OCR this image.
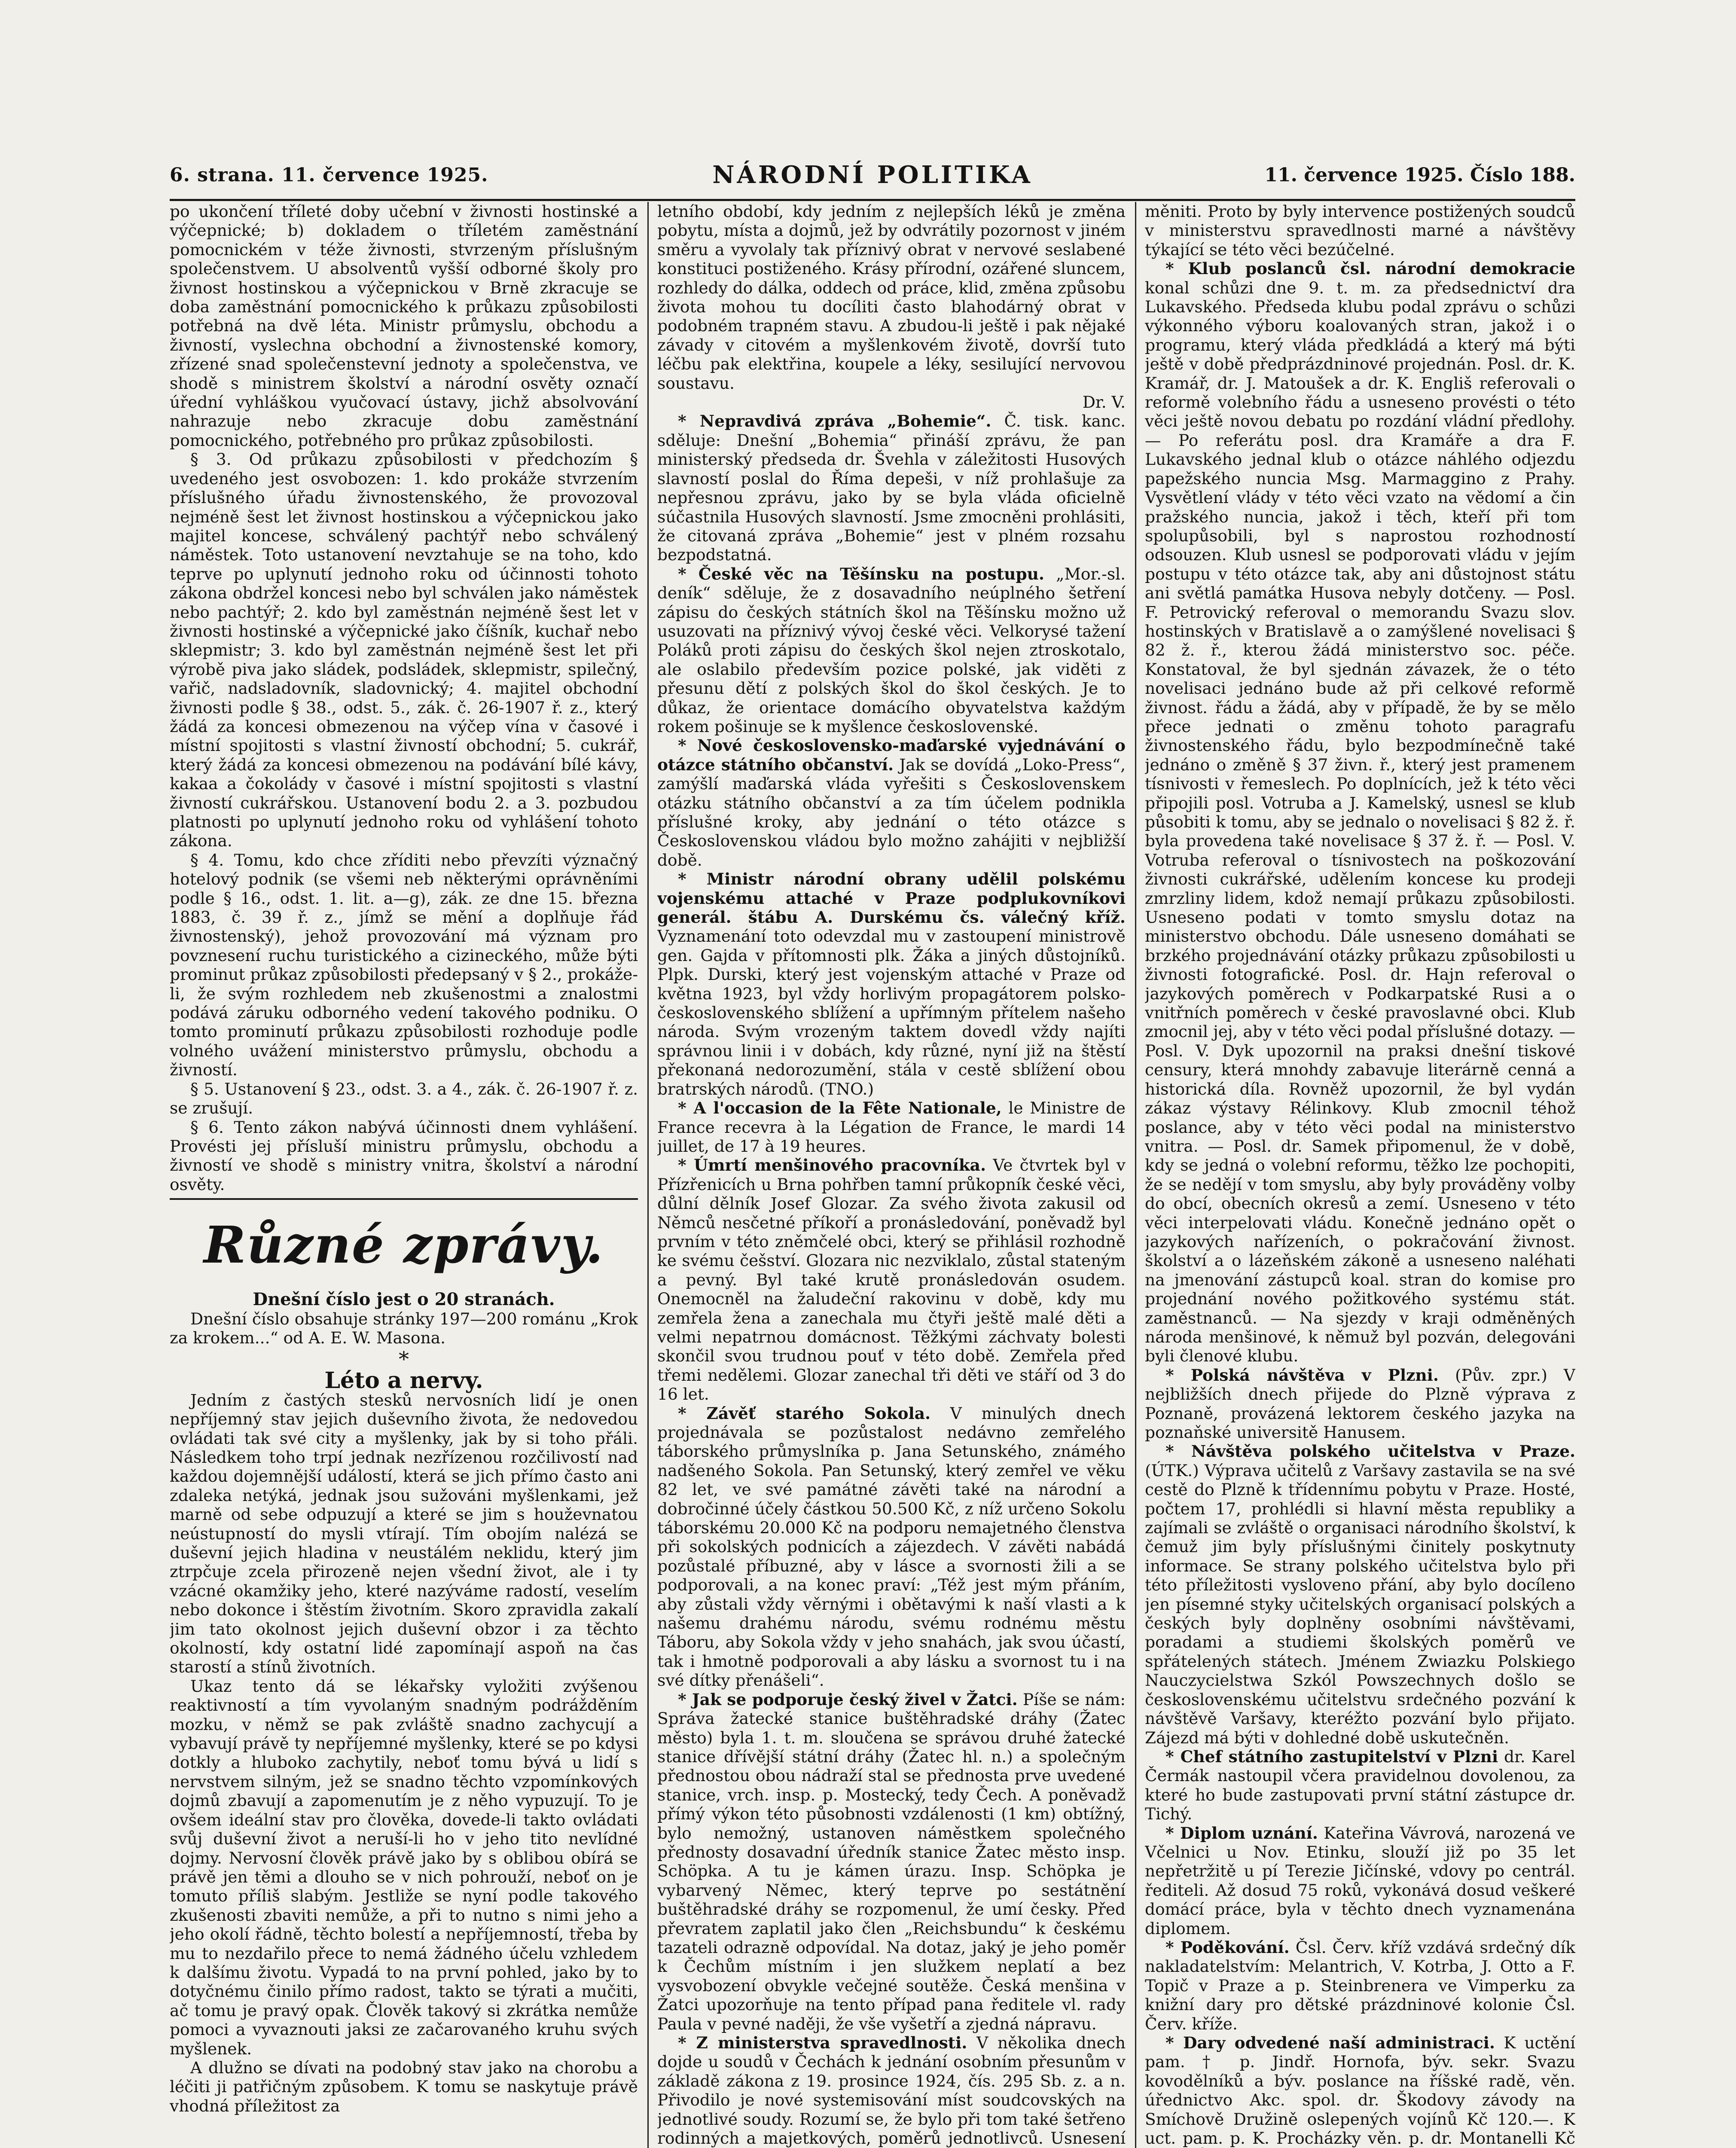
6. strana. 11. července 1925.	NÁRODNÍ POLITIKA	11. července 1925. Číslo 188.

po ukončení tříleté doby učební v živnosti hostinské a výčepnické; b) dokladem o tříletém zaměstnání pomocnickém v téže živnosti, stvrzeným příslušným společenstvem. U absolventů vyšší odborné školy pro živnost hostinskou a výčepnickou v Brně zkracuje se doba zaměstnání pomocnického k průkazu způsobilosti potřebná na dvě léta. Ministr průmyslu, obchodu a živností, vyslechna obchodní a živnostenské komory, zřízené snad společenstevní jednoty a společenstva, ve shodě s ministrem školství a národní osvěty označí úřední vyhláškou vyučovací ústavy, jichž absolvování nahrazuje nebo zkracuje dobu zaměstnání pomocnického, potřebného pro průkaz způsobilosti.

§ 3. Od průkazu způsobilosti v předchozím § uvedeného jest osvobozen: 1. kdo prokáže stvrzením příslušného úřadu živnostenského, že provozoval nejméně šest let živnost hostinskou a výčepnickou jako majitel koncese, schválený pachtýř nebo schválený náměstek. Toto ustanovení nevztahuje se na toho, kdo teprve po uplynutí jednoho roku od účinnosti tohoto zákona obdržel koncesi nebo byl schválen jako náměstek nebo pachtýř; 2. kdo byl zaměstnán nejméně šest let v živnosti hostinské a výčepnické jako číšník, kuchař nebo sklepmistr; 3. kdo byl zaměstnán nejméně šest let při výrobě piva jako sládek, podsládek, sklepmistr, spilečný, vařič, nadsladovník, sladovnický; 4. majitel obchodní živnosti podle § 38., odst. 5., zák. č. 26-1907 ř. z., který žádá za koncesi obmezenou na výčep vína v časové i místní spojitosti s vlastní živností obchodní; 5. cukrář, který žádá za koncesi obmezenou na podávání bílé kávy, kakaa a čokolády v časové i místní spojitosti s vlastní živností cukrářskou. Ustanovení bodu 2. a 3. pozbudou platnosti po uplynutí jednoho roku od vyhlášení tohoto zákona.

§ 4. Tomu, kdo chce zříditi nebo převzíti význačný hotelový podnik (se všemi neb některými oprávněními podle § 16., odst. 1. lit. a—g), zák. ze dne 15. března 1883, č. 39 ř. z., jímž se mění a doplňuje řád živnostenský), jehož provozování má význam pro povznesení ruchu turistického a cizineckého, může býti prominut průkaz způsobilosti předepsaný v § 2., prokáže-li, že svým rozhledem neb zkušenostmi a znalostmi podává záruku odborného vedení takového podniku. O tomto prominutí průkazu způsobilosti rozhoduje podle volného uvážení ministerstvo průmyslu, obchodu a živností.

§ 5. Ustanovení § 23., odst. 3. a 4., zák. č. 26-1907 ř. z. se zrušují.

§ 6. Tento zákon nabývá účinnosti dnem vyhlášení. Provésti jej přísluší ministru průmyslu, obchodu a živností ve shodě s ministry vnitra, školství a národní osvěty.

Různé zprávy.

Dnešní číslo jest o 20 stranách.

Dnešní číslo obsahuje stránky 197—200 románu „Krok za krokem...“ od A. E. W. Masona.

*

Léto a nervy.

Jedním z častých stesků nervosních lidí je onen nepříjemný stav jejich duševního života, že nedovedou ovládati tak své city a myšlenky, jak by si toho přáli. Následkem toho trpí jednak nezřízenou rozčilivostí nad každou dojemnější událostí, která se jich přímo často ani zdaleka netýká, jednak jsou sužováni myšlenkami, jež marně od sebe odpuzují a které se jim s houževnatou neústupností do mysli vtírají. Tím obojím nalézá se duševní jejich hladina v neustálém neklidu, který jim ztrpčuje zcela přirozeně nejen všední život, ale i ty vzácné okamžiky jeho, které nazýváme radostí, veselím nebo dokonce i štěstím životním. Skoro zpravidla zakalí jim tato okolnost jejich duševní obzor i za těchto okolností, kdy ostatní lidé zapomínají aspoň na čas starostí a stínů životních.

Ukaz tento dá se lékařsky vyložiti zvýšenou reaktivností a tím vyvolaným snadným podrážděním mozku, v němž se pak zvláště snadno zachycují a vybavují právě ty nepříjemné myšlenky, které se po kdysi dotkly a hluboko zachytily, neboť tomu bývá u lidí s nervstvem silným, jež se snadno těchto vzpomínkových dojmů zbavují a zapomenutím je z něho vypuzují. To je ovšem ideální stav pro člověka, dovede-li takto ovládati svůj duševní život a neruší-li ho v jeho tito nevlídné dojmy. Nervosní člověk právě jako by s oblibou obírá se právě jen těmi a dlouho se v nich pohrouží, neboť on je tomuto příliš slabým. Jestliže se nyní podle takového zkušenosti zbaviti nemůže, a při to nutno s nimi jeho a jeho okolí řádně, těchto bolestí a nepříjemností, třeba by mu to nezdařilo přece to nemá žádného účelu vzhledem k dalšímu životu. Vypadá to na první pohled, jako by to dotyčnému činilo přímo radost, takto se týrati a mučiti, ač tomu je pravý opak. Člověk takový si zkrátka nemůže pomoci a vyvaznouti jaksi ze začarovaného kruhu svých myšlenek.

A dlužno se dívati na podobný stav jako na chorobu a léčiti ji patřičným způsobem. K tomu se naskytuje právě vhodná příležitost za

letního období, kdy jedním z nejlepších léků je změna pobytu, místa a dojmů, jež by odvrátily pozornost v jiném směru a vyvolaly tak příznivý obrat v nervové seslabené konstituci postiženého. Krásy přírodní, ozářené sluncem, rozhledy do dálka, oddech od práce, klid, změna způsobu života mohou tu docíliti často blahodárný obrat v podobném trapném stavu. A zbudou-li ještě i pak nějaké závady v citovém a myšlenkovém životě, dovrší tuto léčbu pak elektřina, koupele a léky, sesilující nervovou soustavu.

Dr. V.

* Nepravdivá zpráva „Bohemie“. Č. tisk. kanc. sděluje: Dnešní „Bohemia“ přináší zprávu, že pan ministerský předseda dr. Švehla v záležitosti Husových slavností poslal do Říma depeši, v níž prohlašuje za nepřesnou zprávu, jako by se byla vláda oficielně súčastnila Husových slavností. Jsme zmocněni prohlásiti, že citovaná zpráva „Bohemie“ jest v plném rozsahu bezpodstatná.

* České věc na Těšínsku na postupu. „Mor.-sl. deník“ sděluje, že z dosavadního neúplného šetření zápisu do českých státních škol na Těšínsku možno už usuzovati na příznivý vývoj české věci. Velkorysé tažení Poláků proti zápisu do českých škol nejen ztroskotalo, ale oslabilo především pozice polské, jak viděti z přesunu dětí z polských škol do škol českých. Je to důkaz, že orientace domácího obyvatelstva každým rokem pošinuje se k myšlence československé.

* Nové československo-maďarské vyjednávání o otázce státního občanství. Jak se dovídá „Loko-Press“, zamýšlí maďarská vláda vyřešiti s Československem otázku státního občanství a za tím účelem podnikla příslušné kroky, aby jednání o této otázce s Československou vládou bylo možno zahájiti v nejbližší době.

* Ministr národní obrany udělil polskému vojenskému attaché v Praze podplukovníkovi generál. štábu A. Durskému čs. válečný kříž. Vyznamenání toto odevzdal mu v zastoupení ministrově gen. Gajda v přítomnosti plk. Žáka a jiných důstojníků. Plpk. Durski, který jest vojenským attaché v Praze od května 1923, byl vždy horlivým propagátorem polsko-československého sblížení a upřímným přítelem našeho národa. Svým vrozeným taktem dovedl vždy najíti správnou linii i v dobách, kdy různé, nyní již na štěstí překonaná nedorozumění, stála v cestě sblížení obou bratrských národů. (TNO.)

* A l'occasion de la Fête Nationale, le Ministre de France recevra à la Légation de France, le mardi 14 juillet, de 17 à 19 heures.

* Úmrtí menšinového pracovníka. Ve čtvrtek byl v Přízřenicích u Brna pohřben tamní průkopník české věci, důlní dělník Josef Glozar. Za svého života zakusil od Němců nesčetné příkoří a pronásledování, poněvadž byl prvním v této zněmčelé obci, který se přihlásil rozhodně ke svému češství. Glozara nic nezviklalo, zůstal stateným a pevný. Byl také krutě pronásledován osudem. Onemocněl na žaludeční rakovinu v době, kdy mu zemřela žena a zanechala mu čtyři ještě malé děti a velmi nepatrnou domácnost. Těžkými záchvaty bolesti skončil svou trudnou pouť v této době. Zemřela před třemi nedělemi. Glozar zanechal tři děti ve stáří od 3 do 16 let.

* Závěť starého Sokola. V minulých dnech projednávala se pozůstalost nedávno zemřelého táborského průmyslníka p. Jana Setunského, známého nadšeného Sokola. Pan Setunský, který zemřel ve věku 82 let, ve své památné závěti také na národní a dobročinné účely částkou 50.500 Kč, z níž určeno Sokolu táborskému 20.000 Kč na podporu nemajetného členstva při sokolských podnicích a zájezdech. V závěti nabádá pozůstalé příbuzné, aby v lásce a svornosti žili a se podporovali, a na konec praví: „Též jest mým přáním, aby zůstali vždy věrnými i obětavými k naší vlasti a k našemu drahému národu, svému rodnému městu Táboru, aby Sokola vždy v jeho snahách, jak svou účastí, tak i hmotně podporovali a aby lásku a svornost tu i na své dítky přenášeli“.

* Jak se podporuje český živel v Žatci. Píše se nám: Správa žatecké stanice buštěhradské dráhy (Žatec město) byla 1. t. m. sloučena se správou druhé žatecké stanice dřívější státní dráhy (Žatec hl. n.) a společným přednostou obou nádraží stal se přednosta prve uvedené stanice, vrch. insp. p. Mostecký, tedy Čech. A poněvadž přímý výkon této působnosti vzdálenosti (1 km) obtížný, bylo nemožný, ustanoven náměstkem společného přednosty dosavadní úředník stanice Žatec město insp. Schöpka. A tu je kámen úrazu. Insp. Schöpka je vybarvený Němec, který teprve po sestátnění buštěhradské dráhy se rozpomenul, že umí česky. Před převratem zaplatil jako člen „Reichsbundu“ k českému tazateli odrazně odpovídal. Na dotaz, jaký je jeho poměr k Čechům místním i jen služkem neplatí a bez vysvobození obvykle večejné soutěže. Česká menšina v Žatci upozorňuje na tento případ pana ředitele vl. rady Paula v pevné naději, že vše vyšetří a zjedná nápravu.

* Z ministerstva spravedlnosti. V několika dnech dojde u soudů v Čechách k jednání osobním přesunům v základě zákona z 19. prosince 1924, čís. 295 Sb. z. a n. Přivodilo je nové systemisování míst soudcovských na jednotlivé soudy. Rozumí se, že bylo při tom také šetřeno rodinných a majetkových, poměrů jednotlivců. Usnesení

měniti. Proto by byly intervence postižených soudců v ministerstvu spravedlnosti marné a návštěvy týkající se této věci bezúčelné.

* Klub poslanců čsl. národní demokracie konal schůzi dne 9. t. m. za předsednictví dra Lukavského. Předseda klubu podal zprávu o schůzi výkonného výboru koalovaných stran, jakož i o programu, který vláda předkládá a který má býti ještě v době předprázdninové projednán. Posl. dr. K. Kramář, dr. J. Matoušek a dr. K. Engliš referovali o reformě volebního řádu a usneseno provésti o této věci ještě novou debatu po rozdání vládní předlohy. — Po referátu posl. dra Kramáře a dra F. Lukavského jednal klub o otázce náhlého odjezdu papežského nuncia Msg. Marmaggino z Prahy. Vysvětlení vlády v této věci vzato na vědomí a čin pražského nuncia, jakož i těch, kteří při tom spolupůsobili, byl s naprostou rozhodností odsouzen. Klub usnesl se podporovati vládu v jejím postupu v této otázce tak, aby ani důstojnost státu ani světlá památka Husova nebyly dotčeny. — Posl. F. Petrovický referoval o memorandu Svazu slov. hostinských v Bratislavě a o zamýšlené novelisaci § 82 ž. ř., kterou žádá ministerstvo soc. péče. Konstatoval, že byl sjednán závazek, že o této novelisaci jednáno bude až při celkové reformě živnost. řádu a žádá, aby v případě, že by se mělo přece jednati o změnu tohoto paragrafu živnostenského řádu, bylo bezpodmínečně také jednáno o změně § 37 živn. ř., který jest pramenem tísnivosti v řemeslech. Po doplnících, jež k této věci připojili posl. Votruba a J. Kamelský, usnesl se klub působiti k tomu, aby se jednalo o novelisaci § 82 ž. ř. byla provedena také novelisace § 37 ž. ř. — Posl. V. Votruba referoval o tísnivostech na poškozování živnosti cukrářské, udělením koncese ku prodeji zmrzliny lidem, kdož nemají průkazu způsobilosti. Usneseno podati v tomto smyslu dotaz na ministerstvo obchodu. Dále usneseno domáhati se brzkého projednávání otázky průkazu způsobilosti u živnosti fotografické. Posl. dr. Hajn referoval o jazykových poměrech v Podkarpatské Rusi a o vnitřních poměrech v české pravoslavné obci. Klub zmocnil jej, aby v této věci podal příslušné dotazy. — Posl. V. Dyk upozornil na praksi dnešní tiskové censury, která mnohdy zabavuje literárně cenná a historická díla. Rovněž upozornil, že byl vydán zákaz výstavy Rélinkovy. Klub zmocnil téhož poslance, aby v této věci podal na ministerstvo vnitra. — Posl. dr. Samek připomenul, že v době, kdy se jedná o volební reformu, těžko lze pochopiti, že se nedějí v tom smyslu, aby byly prováděny volby do obcí, obecních okresů a zemí. Usneseno v této věci interpelovati vládu. Konečně jednáno opět o jazykových nařízeních, o pokračování živnost. školství a o lázeňském zákoně a usneseno naléhati na jmenování zástupců koal. stran do komise pro projednání nového požitkového systému stát. zaměstnanců. — Na sjezdy v kraji odměněných národa menšinové, k němuž byl pozván, delegováni byli členové klubu.

* Polská návštěva v Plzni. (Pův. zpr.) V nejbližších dnech přijede do Plzně výprava z Poznaně, provázená lektorem českého jazyka na poznaňské universitě Hanusem.

* Návštěva polského učitelstva v Praze. (ÚTK.) Výprava učitelů z Varšavy zastavila se na své cestě do Plzně k třídennímu pobytu v Praze. Hosté, počtem 17, prohlédli si hlavní města republiky a zajímali se zvláště o organisaci národního školství, k čemuž jim byly příslušnými činitely poskytnuty informace. Se strany polského učitelstva bylo při této příležitosti vysloveno přání, aby bylo docíleno jen písemné styky učitelských organisací polských a českých byly doplněny osobními návštěvami, poradami a studiemi školských poměrů ve spřátelených státech. Jménem Zwiazku Polskiego Nauczycielstwa Szkól Powszechnych došlo se československému učitelstvu srdečného pozvání k návštěvě Varšavy, kteréžto pozvání bylo přijato. Zájezd má býti v dohledné době uskutečněn.

* Chef státního zastupitelství v Plzni dr. Karel Čermák nastoupil včera pravidelnou dovolenou, za které ho bude zastupovati první státní zástupce dr. Tichý.

* Diplom uznání. Kateřina Vávrová, narozená ve Včelnici u Nov. Etinku, slouží již po 35 let nepřetržitě u pí Terezie Jičínské, vdovy po centrál. řediteli. Až dosud 75 roků, vykonává dosud veškeré domácí práce, byla v těchto dnech vyznamenána diplomem.

* Poděkování. Čsl. Červ. kříž vzdává srdečný dík nakladatelstvím: Melantrich, V. Kotrba, J. Otto a F. Topič v Praze a p. Steinbrenera ve Vimperku za knižní dary pro dětské prázdninové kolonie Čsl. Červ. kříže.

* Dary odvedené naší administraci. K uctění pam. † p. Jindř. Hornofa, býv. sekr. Svazu kovodělníků a býv. poslance na říšské radě, věn. úřednictvo Akc. spol. dr. Škodovy závody na Smíchově Družině oslepených vojínů Kč 120.—. K uct. pam. p. K. Procházky věn. p. dr. Montanelli Kč
